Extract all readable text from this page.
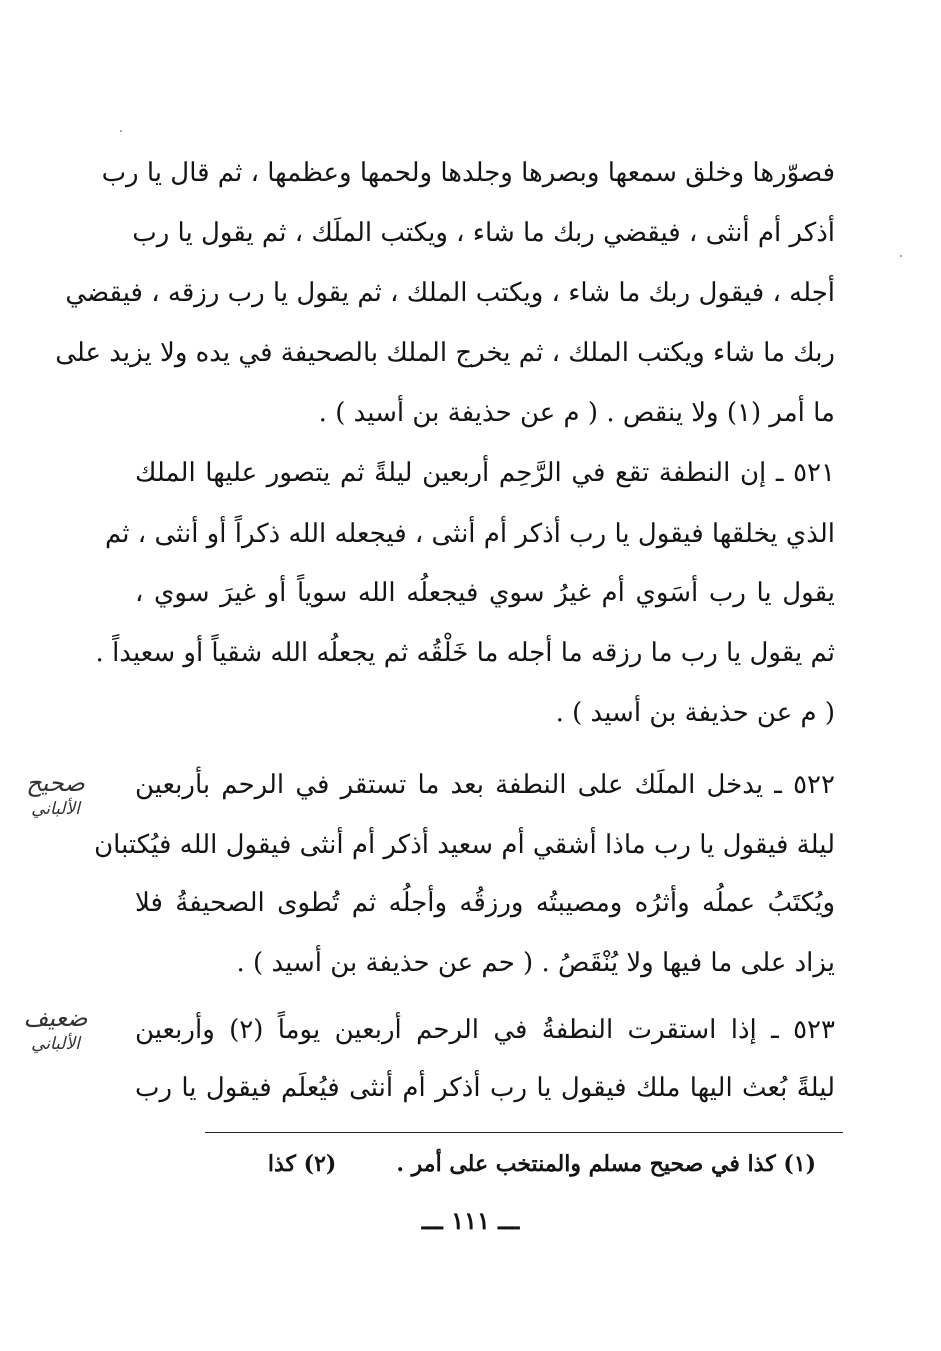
فصوّرها وخلق سمعها وبصرها وجلدها ولحمها وعظمها ، ثم قال يا رب
أذكر أم أنثى ، فيقضي ربك ما شاء ، ويكتب الملَك ، ثم يقول يا رب
أجله ، فيقول ربك ما شاء ، ويكتب الملك ، ثم يقول يا رب رزقه ، فيقضي
ربك ما شاء ويكتب الملك ، ثم يخرج الملك بالصحيفة في يده ولا يزيد على
ما أمر (١) ولا ينقص . ( م عن حذيفة بن أسيد ) .
٥٢١ ـ إن النطفة تقع في الرَّحِم أربعين ليلةً ثم يتصور عليها الملك
الذي يخلقها فيقول يا رب أذكر أم أنثى ، فيجعله الله ذكراً أو أنثى ، ثم
يقول يا رب أسَوي أم غيرُ سوي فيجعلُه الله سوياً أو غيرَ سوي ،
ثم يقول يا رب ما رزقه ما أجله ما خَلْقُه ثم يجعلُه الله شقياً أو سعيداً .
( م عن حذيفة بن أسيد ) .
٥٢٢ ـ يدخل الملَك على النطفة بعد ما تستقر في الرحم بأربعين
ليلة فيقول يا رب ماذا أشقي أم سعيد أذكر أم أنثى فيقول الله فيُكتبان
ويُكتَبُ عملُه وأثرُه ومصيبتُه ورزقُه وأجلُه ثم تُطوى الصحيفةُ فلا
يزاد على ما فيها ولا يُنْقَصُ . ( حم عن حذيفة بن أسيد ) .
٥٢٣ ـ إذا استقرت النطفةُ في الرحم أربعين يوماً (٢) وأربعين
ليلةً بُعث اليها ملك فيقول يا رب أذكر أم أنثى فيُعلَم فيقول يا رب
صحيح
الألباني
ضعيف
الألباني
(١) كذا في صحيح مسلم والمنتخب على أمر .(٢) كذا
ـــ ١١١ ـــ
